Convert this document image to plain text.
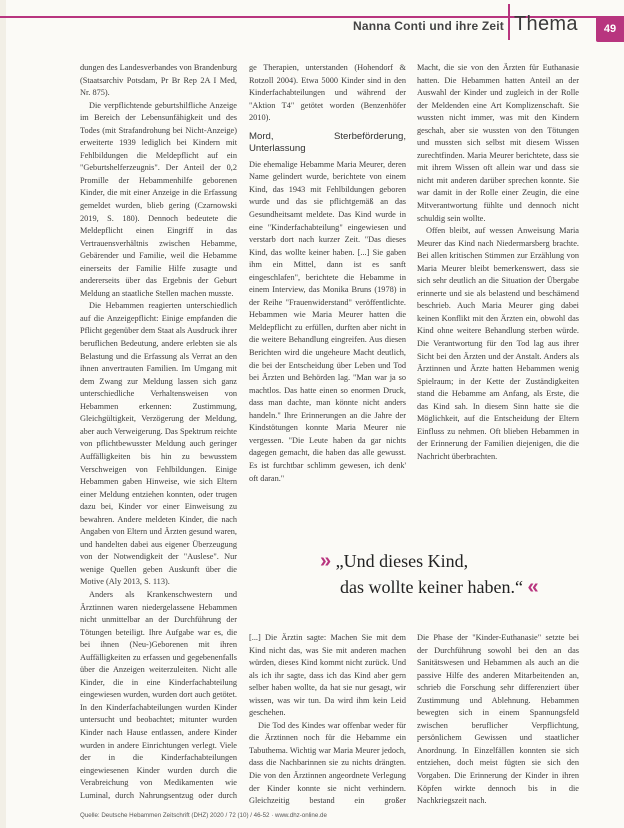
Nanna Conti und ihre Zeit Thema	49

dungen des Landesverbandes von Brandenburg (Staatsarchiv Potsdam, Pr Br Rep 2A I Med, Nr. 875).

Die verpflichtende geburtshilfliche Anzeige im Bereich der Lebensunfähigkeit und des Todes (mit Strafandrohung bei Nicht-Anzeige) erweiterte 1939 lediglich bei Kindern mit Fehlbildungen die Meldepflicht auf ein "Geburtshelferzeugnis". Der Anteil der 0,2 Promille der Hebammenhilfe geborenen Kinder, die mit einer Anzeige in die Erfassung gemeldet wurden, blieb gering (Czarnowski 2019, S. 180). Dennoch bedeutete die Meldepflicht einen Eingriff in das Vertrauensverhältnis zwischen Hebamme, Gebärender und Familie, weil die Hebamme einerseits der Familie Hilfe zusagte und andererseits über das Ergebnis der Geburt Meldung an staatliche Stellen machen musste.

Die Hebammen reagierten unterschiedlich auf die Anzeigepflicht: Einige empfanden die Pflicht gegenüber dem Staat als Ausdruck ihrer beruflichen Bedeutung, andere erlebten sie als Belastung und die Erfassung als Verrat an den ihnen anvertrauten Familien. Im Umgang mit dem Zwang zur Meldung lassen sich ganz unterschiedliche Verhaltensweisen von Hebammen erkennen: Zustimmung, Gleichgültigkeit, Verzögerung der Meldung, aber auch Verweigerung. Das Spektrum reichte von pflichtbewusster Meldung auch geringer Auffälligkeiten bis hin zu bewusstem Verschweigen von Fehlbildungen. Einige Hebammen gaben Hinweise, wie sich Eltern einer Meldung entziehen konnten, oder trugen dazu bei, Kinder vor einer Einweisung zu bewahren. Andere meldeten Kinder, die nach Angaben von Eltern und Ärzten gesund waren, und handelten dabei aus eigener Überzeugung von der Notwendigkeit der "Auslese". Nur wenige Quellen geben Auskunft über die Motive (Aly 2013, S. 113).

Anders als Krankenschwestern und Ärztinnen waren niedergelassene Hebammen nicht unmittelbar an der Durchführung der Tötungen beteiligt. Ihre Aufgabe war es, die bei ihnen (Neu-)Geborenen mit ihren Auffälligkeiten zu erfassen und gegebenenfalls über die Anzeigen weiterzuleiten. Nicht alle Kinder, die in eine Kinderfachabteilung eingewiesen wurden, wurden dort auch getötet. In den Kinderfachabteilungen wurden Kinder untersucht und beobachtet; mitunter wurden Kinder nach Hause entlassen, andere Kinder wurden in andere Einrichtungen verlegt. Viele der in die Kinderfachabteilungen eingewiesenen Kinder wurden durch die Verabreichung von Medikamenten wie Luminal, durch Nahrungsentzug oder durch

ge Therapien, unterstanden (Hohendorf & Rotzoll 2004). Etwa 5000 Kinder sind in den Kinderfachabteilungen und während der "Aktion T4" getötet worden (Benzenhöfer 2010).

Mord, Sterbeförderung, Unterlassung

Die ehemalige Hebamme Maria Meurer, deren Name gelindert wurde, berichtete von einem Kind, das 1943 mit Fehlbildungen geboren wurde und das sie pflichtgemäß an das Gesundheitsamt meldete. Das Kind wurde in eine "Kinderfachabteilung" eingewiesen und verstarb dort nach kurzer Zeit. "Das dieses Kind, das wollte keiner haben. [...] Sie gaben ihm ein Mittel, dann ist es sanft eingeschlafen", berichtete die Hebamme in einem Interview, das Monika Bruns (1978) in der Reihe "Frauenwiderstand" veröffentlichte. Hebammen wie Maria Meurer hatten die Meldepflicht zu erfüllen, durften aber nicht in die weitere Behandlung eingreifen. Aus diesen Berichten wird die ungeheure Macht deutlich, die bei der Entscheidung über Leben und Tod bei Ärzten und Behörden lag. "Man war ja so machtlos. Das hatte einen so enormen Druck, dass man dachte, man könnte nicht anders handeln." Ihre Erinnerungen an die Jahre der Kindstötungen konnte Maria Meurer nie vergessen. "Die Leute haben da gar nichts dagegen gemacht, die haben das alle gewusst. Es ist furchtbar schlimm gewesen, ich denk' oft daran."

Macht, die sie von den Ärzten für Euthanasie hatten. Die Hebammen hatten Anteil an der Auswahl der Kinder und zugleich in der Rolle der Meldenden eine Art Komplizenschaft. Sie wussten nicht immer, was mit den Kindern geschah, aber sie wussten von den Tötungen und mussten sich selbst mit diesem Wissen zurechtfinden. Maria Meurer berichtete, dass sie mit ihrem Wissen oft allein war und dass sie nicht mit anderen darüber sprechen konnte. Sie war damit in der Rolle einer Zeugin, die eine Mitverantwortung fühlte und dennoch nicht schuldig sein wollte.

Offen bleibt, auf wessen Anweisung Maria Meurer das Kind nach Niedermarsberg brachte. Bei allen kritischen Stimmen zur Erzählung von Maria Meurer bleibt bemerkenswert, dass sie sich sehr deutlich an die Situation der Übergabe erinnerte und sie als belastend und beschämend beschrieb. Auch Maria Meurer ging dabei keinen Konflikt mit den Ärzten ein, obwohl das Kind ohne weitere Behandlung sterben würde. Die Verantwortung für den Tod lag aus ihrer Sicht bei den Ärzten und der Anstalt. Anders als Ärztinnen und Ärzte hatten Hebammen wenig Spielraum; in der Kette der Zuständigkeiten stand die Hebamme am Anfang, als Erste, die das Kind sah. In diesem Sinn hatte sie die Möglichkeit, auf die Entscheidung der Eltern Einfluss zu nehmen. Oft blieben Hebammen in der Erinnerung der Familien diejenigen, die die Nachricht überbrachten.

» „Und dieses Kind,
das wollte keiner haben.“ «

[...] Die Ärztin sagte: Machen Sie mit dem Kind nicht das, was Sie mit anderen machen würden, dieses Kind kommt nicht zurück. Und als ich ihr sagte, dass ich das Kind aber gern selber haben wollte, da hat sie nur gesagt, wir wissen, was wir tun. Da wird ihm kein Leid geschehen.

Die Tod des Kindes war offenbar weder für die Ärztinnen noch für die Hebamme ein Tabuthema. Wichtig war Maria Meurer jedoch, dass die Nachbarinnen sie zu nichts drängten. Die von den Ärztinnen angeordnete Verlegung der Kinder konnte sie nicht verhindern. Gleichzeitig bestand ein großer

Die Phase der "Kinder-Euthanasie" setzte bei der Durchführung sowohl bei den an das Sanitätswesen und Hebammen als auch an die passive Hilfe des anderen Mitarbeitenden an, schrieb die Forschung sehr differenziert über Zustimmung und Ablehnung. Hebammen bewegten sich in einem Spannungsfeld zwischen beruflicher Verpflichtung, persönlichem Gewissen und staatlicher Anordnung. In Einzelfällen konnten sie sich entziehen, doch meist fügten sie sich den Vorgaben. Die Erinnerung der Kinder in ihren Köpfen wirkte dennoch bis in die Nachkriegszeit nach.

Quelle: Deutsche Hebammen Zeitschrift (DHZ) 2020 / 72 (10) / 46-52 · www.dhz-online.de
